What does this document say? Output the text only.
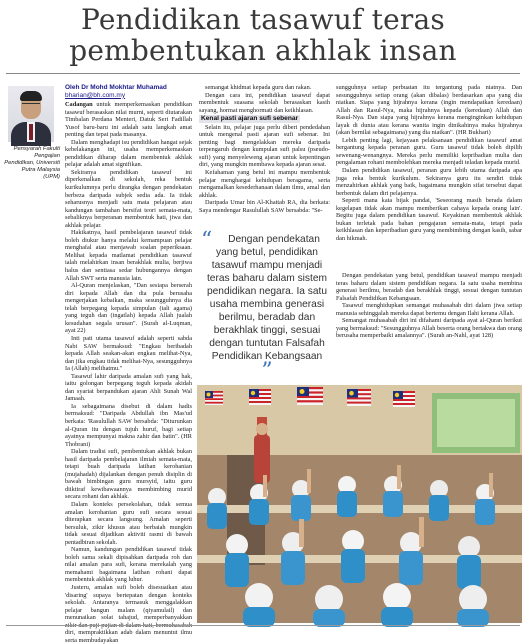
Pendidikan tasawuf teras
pembentukan akhlak insan
Pensyarah Fakulti Pengajian Pendidikan, Universiti Putra Malaysia (UPM)
Oleh Dr Mohd Mokhtar Muhamad
bharian@bh.com.my

Cadangan untuk memperkemaskan pendidikan tasawuf berasaskan nilai murni, seperti diutarakan Timbalan Perdana Menteri, Datuk Seri Fadillah Yusof baru-baru ini adalah satu langkah amat penting dan tepat pada masanya.

Dalam menghadapi isu pendidikan hangat sejak kebelakangan ini, usaha memperkemaskan pendidikan diharap dalam membentuk akhlak pelajar adalah amat signifikan.

Sekiranya pendidikan tasawuf ini diperkenalkan di sekolah, reka bentuk kurikulumnya perlu dirangka dengan pendekatan berbeza daripada subjek sedia ada. Ia tidak seharusnya menjadi satu mata pelajaran atau kandungan tambahan bersifat teori semata-mata, sebaliknya berperanan membentuk hati, jiwa dan akhlak pelajar.

Hakikatnya, hasil pembelajaran tasawuf tidak boleh diukur hanya melalui kemampuan pelajar menghafal atau menjawab soalan peperiksaan. Melihat kepada matlamat pendidikan tasawuf ialah melahirkan insan berakhlak mulia, berjiwa halus dan sentiasa sedar hubungannya dengan Allah SWT serta manusia lain.

Al-Quran menjelaskan, "Dan sesiapa berserah diri kepada Allah dan dia pula berusaha mengerjakan kebaikan, maka sesungguhnya dia telah berpegang kepada simpulan (tali agama) yang teguh dan (ingatlah) kepada Allah jualah kesudahan segala urusan". (Surah al-Luqman, ayat 22)

Inti pati utama tasawuf adalah seperti sabda Nabi SAW bermaksud: "Engkau beribadah kepada Allah seakan-akan engkau melihat-Nya, dan jika engkau tidak melihat-Nya, sesungguhnya Ia (Allah) melihatmu."

Tasawuf lahir daripada amalan sufi yang hak, iaitu golongan berpegang teguh kepada akidah dan syariat berpandukan ajaran Ahli Sunah Wal Jamaah.

Ia sebagaimana disebut di dalam hadis bermaksud: "Daripada Abdullah ibn Mas'ud berkata: 'Rasulullah SAW bersabda: "Diturunkan al-Quran itu dengan tujuh huruf, bagi setiap ayatnya mempunyai makna zahir dan batin". (HR Thobrani)

Dalam tradisi sufi, pembentukan akhlak bukan hasil daripada pembelajaran ilmiah semata-mata, tetapi buah daripada latihan kerohanian (mujahadah) dijalankan dengan penuh disiplin di bawah bimbingan guru mursyid, iaitu guru diiktiraf kewibawaannya membimbing murid secara rohani dan akhlak.

Dalam konteks persekolahan, tidak semua amalan kerohanian guru sufi secara sesuai diterapkan secara langsung. Amalan seperti bersuluk, zikir khusus atau berbaiah mungkin tidak sesuai dijadikan aktiviti rasmi di bawah pentadbiran sekolah.

Namun, kandungan pendidikan tasawuf tidak boleh sama sekali dipisahkan daripada roh dan nilai amalan para sufi, kerana merekalah yang memahami bagaimana latihan rohani dapat membentuk akhlak yang luhur.

Justeru, amalan sufi boleh disesuaikan atau 'disaring' supaya bertepatan dengan konteks sekolah. Antaranya termasuk menggalakkan pelajar bangun malam (qiyamulail) dan menunaikan solat tahajud, memperbanyakkan diri, mempraktikkan adab dalam menuntut ilmu serta membudayakan

semangat khidmat kepada guru dan rakan.

Dengan cara ini, pendidikan tasawuf dapat membentuk suasana sekolah berasaskan kasih sayang, hormat menghormati dan keikhlasan.

Kenal pasti ajaran sufi sebenar

Selain itu, pelajar juga perlu diberi pendedahan untuk mengenal pasti ajaran sufi sebenar. Ini penting bagi mengelakkan mereka daripada terpengaruh dengan kumpulan sufi palsu (pseudo-sufi) yang menyeleweng ajaran untuk kepentingan diri, yang mungkin membawa kepada ajaran sesat.

Kefahaman yang betul ini mampu membentuk pelajar menghargai kehidupan beragama, serta mengamalkan kesederhanaan dalam ilmu, amal dan akhlak.

Daripada Umar bin Al-Khattab RA, dia berkata: Saya mendengar Rasulullah SAW bersabda: "Se-

“	Dengan pendekatan yang betul, pendidikan tasawuf mampu menjadi teras baharu dalam sistem pendidikan negara. Ia satu usaha membina generasi berilmu, beradab dan berakhlak tinggi, sesuai dengan tuntutan Falsafah Pendidikan Kebangsaan
”

sungguhnya setiap perbuatan itu tergantung pada niatnya. Dan sesungguhnya setiap orang (akan dibalas) berdasarkan apa yang dia niatkan. Siapa yang hijrahnya kerana (ingin mendapatkan keredaan) Allah dan Rasul-Nya, maka hijrahnya kepada (keredaan) Allah dan Rasul-Nya. Dan siapa yang hijrahnya kerana menginginkan kehidupan layak di dunia atau kerana wanita ingin dinikahinya maka hijrahnya (akan bernilai sebagaimana) yang dia niatkan". (HR Bukhari)

Lebih penting lagi, kejayaan pelaksanaan pendidikan tasawuf amat bergantung kepada peranan guru. Guru tasawuf tidak boleh dipilih sewenang-wenangnya. Mereka perlu memiliki kepribadian mulia dan pengalaman rohani membolehkan mereka menjadi teladan kepada murid.

Dalam pendidikan tasawuf, peranan guru lebih utama daripada apa juga reka bentuk kurikulum. Sekiranya guru itu sendiri tidak menzahirkan akhlak yang baik, bagaimana mungkin sifat tersebut dapat berbentuk dalam diri pelajarnya.

Seperti mana kata bijak pandai, 'Seseorang masih berada dalam kegelapan tidak akan mampu memberikan cahaya kepada orang lain'. Begitu juga dalam pendidikan tasawuf. Keyakinan membentuk akhlak bukan terletak pada bahan pengajaran semata-mata, tetapi pada keikhlasan dan keperibadian guru yang membimbing dengan kasih, sabar dan hikmah.

Dengan pendekatan yang betul, pendidikan tasawuf mampu menjadi teras baharu dalam sistem pendidikan negara. Ia satu usaha membina generasi berilmu, beradab dan berakhlak tinggi, sesuai dengan tuntutan Falsafah Pendidikan Kebangsaan.

Tasawuf menghidupkan semangat muhasabah diri dalam jiwa setiap manusia sehinggalah mereka dapat bertemu dengan Ilahi kerana Allah.

Semangat muhasabah diri ini difahami daripada ayat al-Quran berikut yang bermaksud: "Sesungguhnya Allah beserta orang bertakwa dan orang berusaha memperbaiki amalannya". (Surah an-Nahl, ayat 128)
